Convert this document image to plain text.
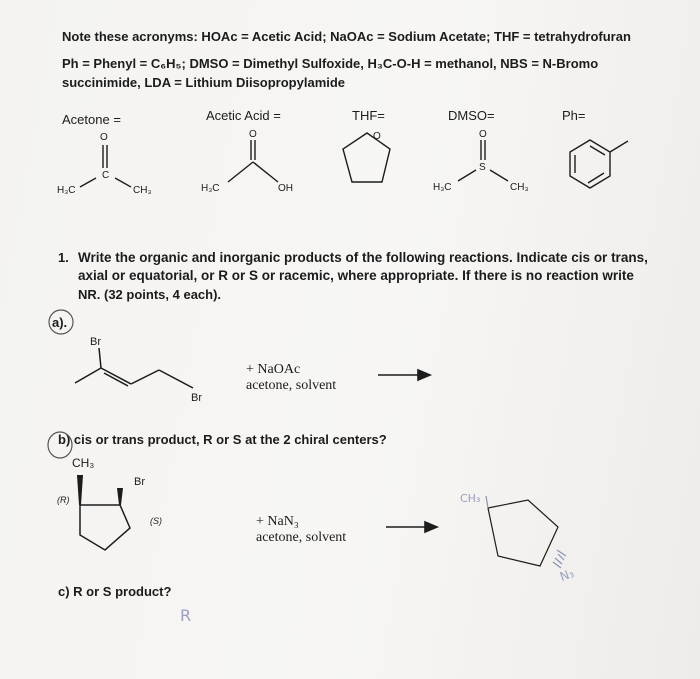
Note these acronyms: HOAc = Acetic Acid; NaOAc = Sodium Acetate; THF = tetrahydrofuran
Ph = Phenyl = C₆H₅; DMSO = Dimethyl Sulfoxide, H₃C-O-H = methanol, NBS = N-Bromo
succinimide, LDA = Lithium Diisopropylamide
Acetone =	Acetic Acid =	THF=	DMSO=	Ph=
O
C
H₃C	CH₃
O
H₃C	OH
O	O
S
H₃C	CH₃
1. Write the organic and inorganic products of the following reactions. Indicate cis or trans,
axial or equatorial, or R or S or racemic, where appropriate. If there is no reaction write
NR. (32 points, 4 each).
a).
Br
Br
+ NaOAc
acetone, solvent
b) cis or trans product, R or S at the 2 chiral centers?
CH₃
Br
(R)
(S)	+ NaN₃
acetone, solvent
CH₃
N₃
c) R or S product?
R
